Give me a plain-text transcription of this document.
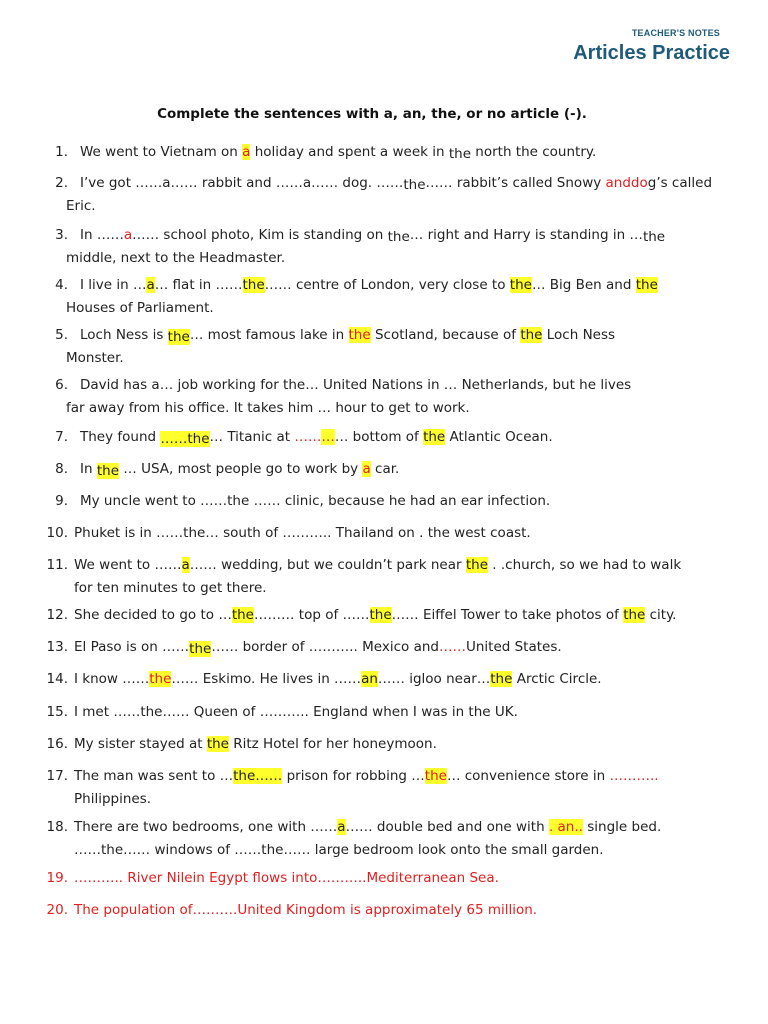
TEACHER'S NOTES
Articles Practice
Complete the sentences with a, an, the, or no article (-).
1. We went to Vietnam on a holiday and spent a week in the north the country.
2. I’ve got ……a…… rabbit and ……a…… dog. ……the…… rabbit’s called Snowy anddog’s called
Eric.
3. In ……a…… school photo, Kim is standing on the… right and Harry is standing in …the
middle, next to the Headmaster.
4. I live in …a… flat in ……the…… centre of London, very close to the… Big Ben and the
Houses of Parliament.
5. Loch Ness is the… most famous lake in the Scotland, because of the Loch Ness
Monster.
6. David has a… job working for the… United Nations in … Netherlands, but he lives
far away from his office. It takes him … hour to get to work.
7. They found ……the… Titanic at ………… bottom of the Atlantic Ocean.
8. In the … USA, most people go to work by a car.
9. My uncle went to ……the …… clinic, because he had an ear infection.
10. Phuket is in ……the… south of ……….. Thailand on . the west coast.
11. We went to ……a…… wedding, but we couldn’t park near the . .church, so we had to walk
for ten minutes to get there.
12. She decided to go to …the……… top of ……the…… Eiffel Tower to take photos of the city.
13. El Paso is on ……the…… border of ……….. Mexico and……United States.
14. I know ……the…… Eskimo. He lives in ……an…… igloo near…the Arctic Circle.
15. I met ……the…… Queen of ……….. England when I was in the UK.
16. My sister stayed at the Ritz Hotel for her honeymoon.
17. The man was sent to …the…… prison for robbing …the… convenience store in ………..
Philippines.
18. There are two bedrooms, one with ……a…… double bed and one with . an.. single bed.
……the…… windows of ……the…… large bedroom look onto the small garden.
19. ……….. River Nilein Egypt flows into………..Mediterranean Sea.
20. The population of……….United Kingdom is approximately 65 million.
